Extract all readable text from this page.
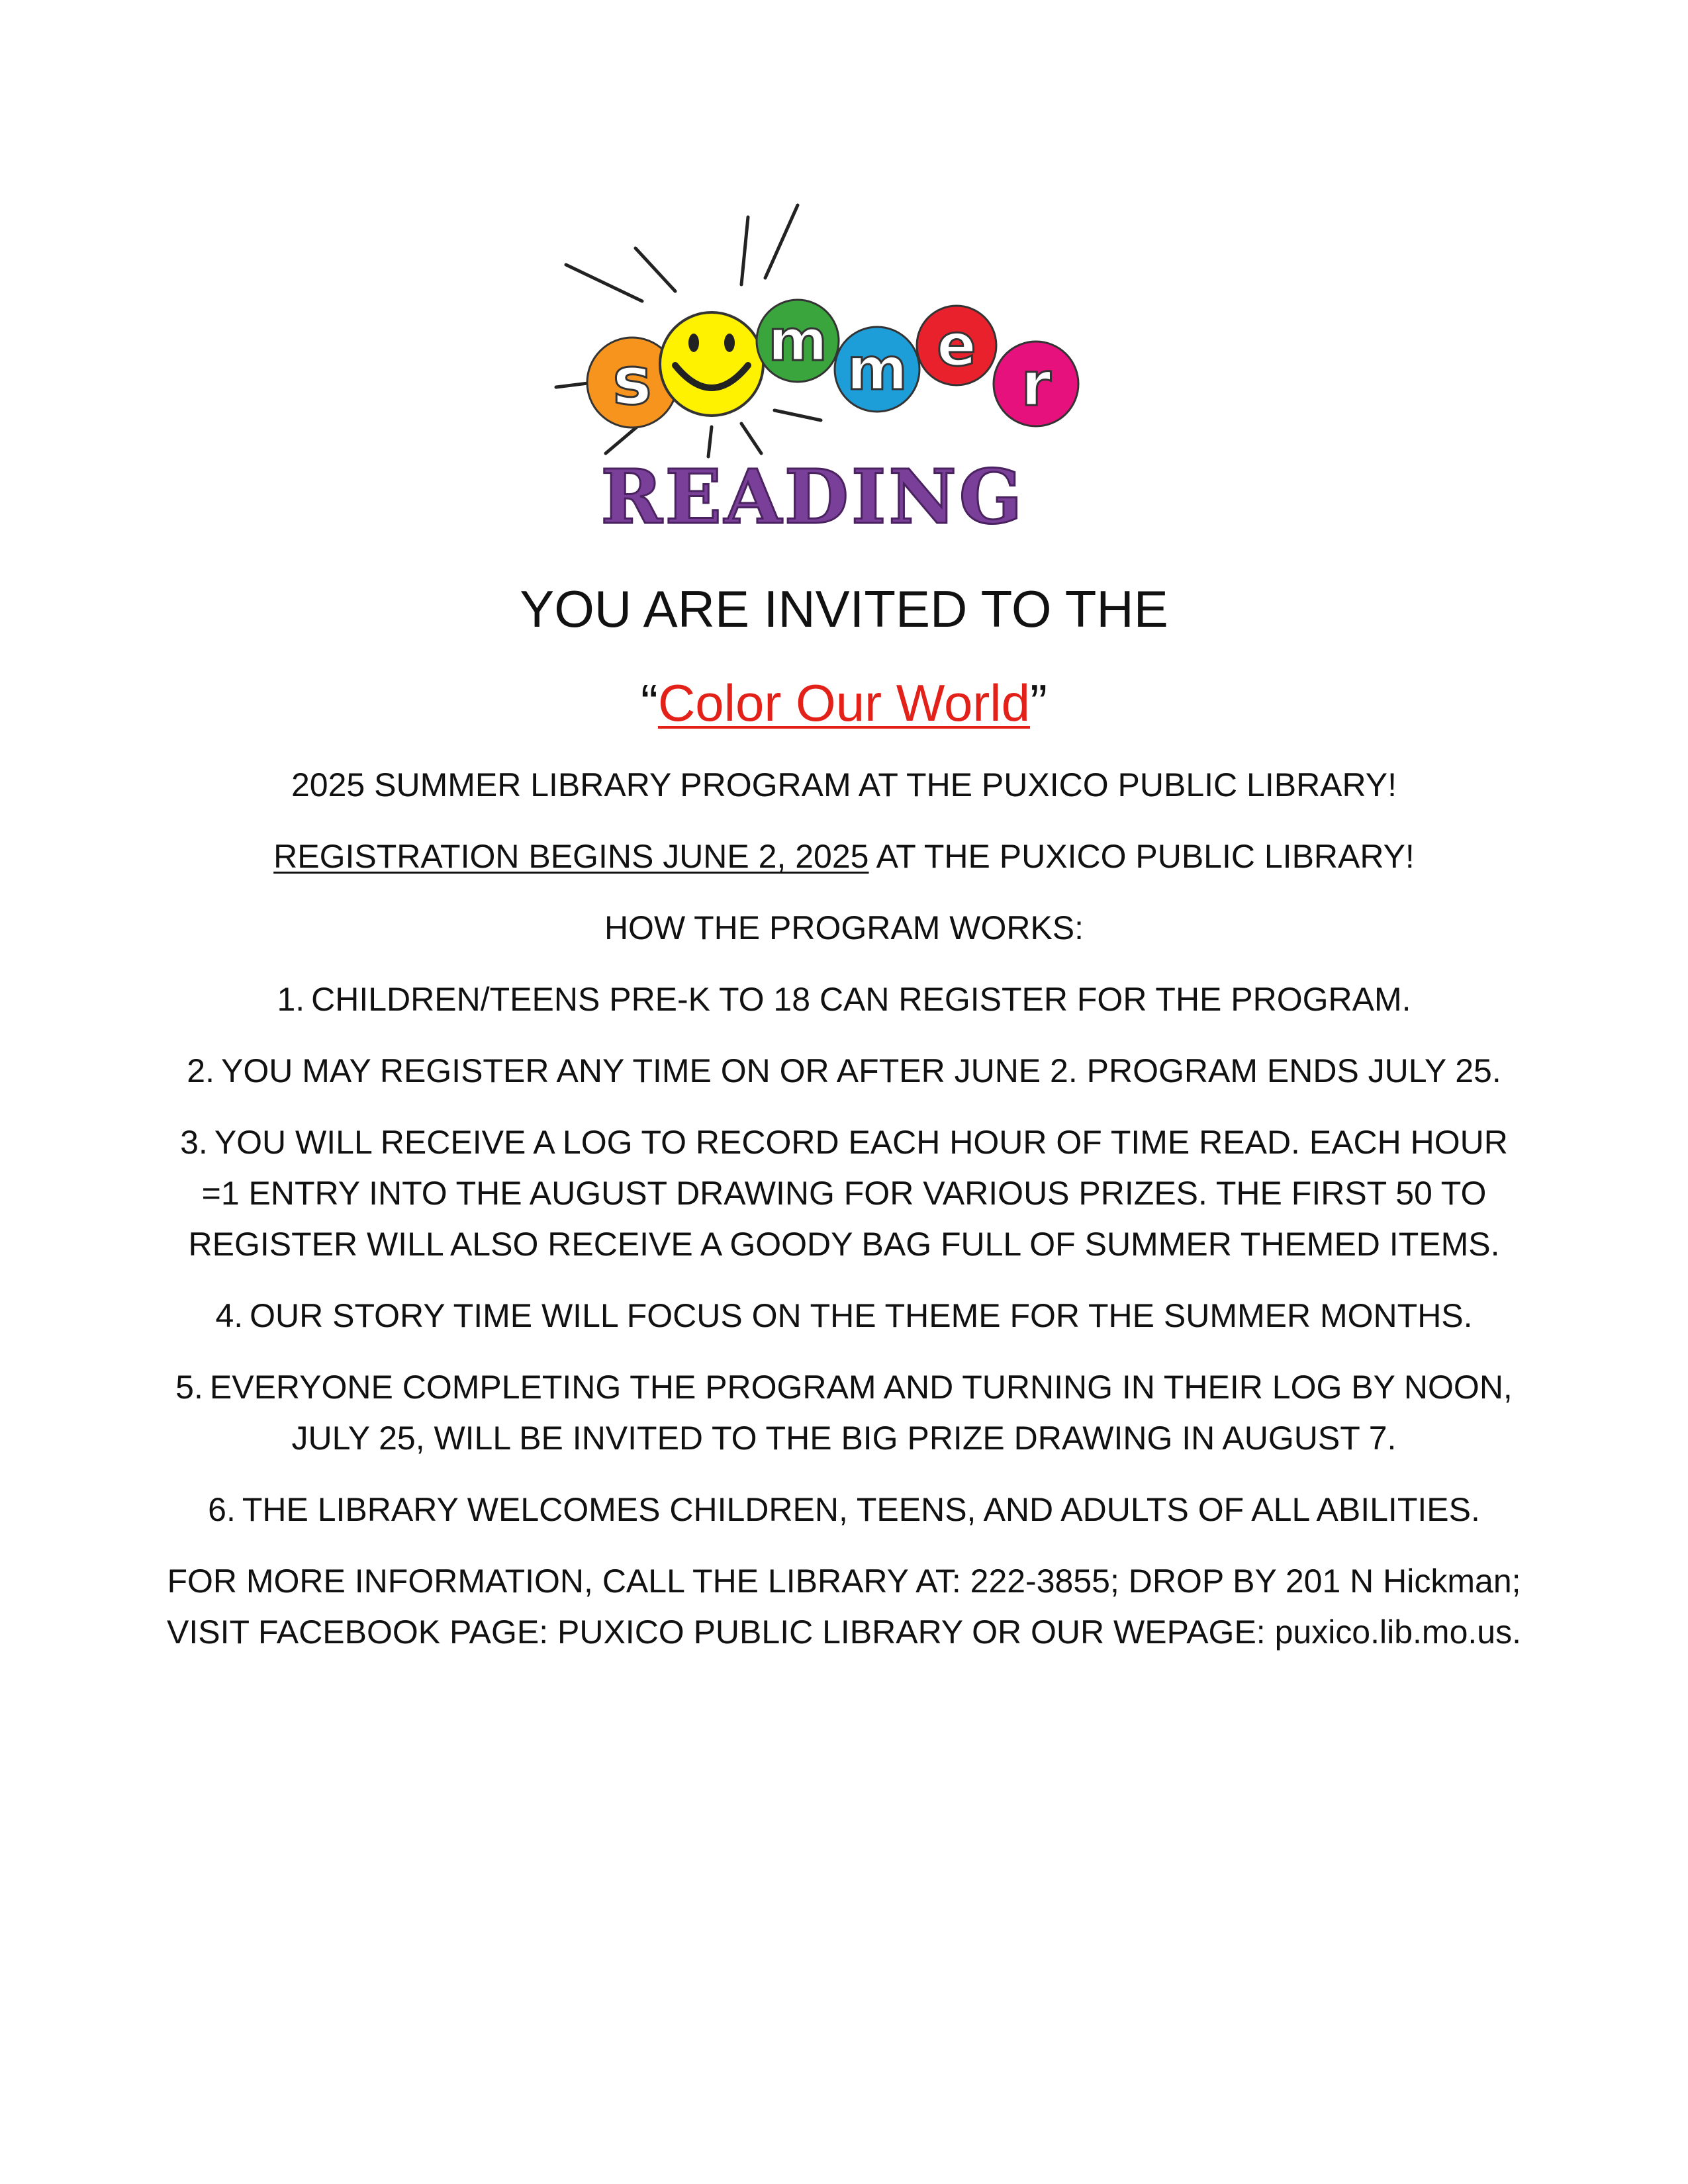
s
m m e
r
READING
YOU ARE INVITED TO THE

“Color Our World”

2025 SUMMER LIBRARY PROGRAM AT THE PUXICO PUBLIC LIBRARY!

REGISTRATION BEGINS JUNE 2, 2025 AT THE PUXICO PUBLIC LIBRARY!

HOW THE PROGRAM WORKS:

1. CHILDREN/TEENS PRE-K TO 18 CAN REGISTER FOR THE PROGRAM.
2. YOU MAY REGISTER ANY TIME ON OR AFTER JUNE 2. PROGRAM ENDS JULY 25.
3. YOU WILL RECEIVE A LOG TO RECORD EACH HOUR OF TIME READ. EACH HOUR =1 ENTRY INTO THE AUGUST DRAWING FOR VARIOUS PRIZES. THE FIRST 50 TO REGISTER WILL ALSO RECEIVE A GOODY BAG FULL OF SUMMER THEMED ITEMS.
4. OUR STORY TIME WILL FOCUS ON THE THEME FOR THE SUMMER MONTHS.
5. EVERYONE COMPLETING THE PROGRAM AND TURNING IN THEIR LOG BY NOON, JULY 25, WILL BE INVITED TO THE BIG PRIZE DRAWING IN AUGUST 7.
6. THE LIBRARY WELCOMES CHILDREN, TEENS, AND ADULTS OF ALL ABILITIES.

FOR MORE INFORMATION, CALL THE LIBRARY AT: 222-3855; DROP BY 201 N Hickman; VISIT FACEBOOK PAGE: PUXICO PUBLIC LIBRARY OR OUR WEPAGE: puxico.lib.mo.us.
